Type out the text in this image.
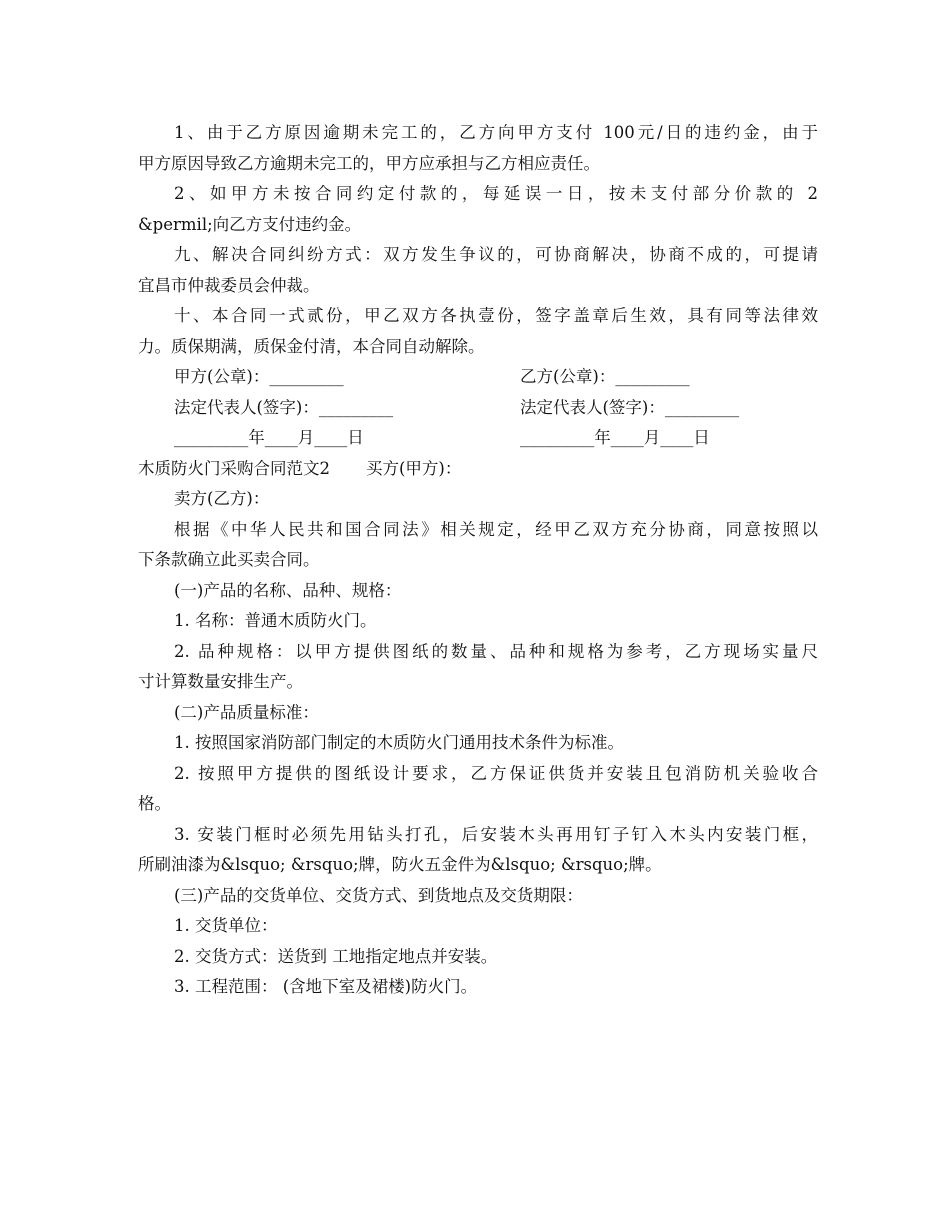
1、由于乙方原因逾期未完工的，乙方向甲方支付 100元/日的违约金，由于
甲方原因导致乙方逾期未完工的，甲方应承担与乙方相应责任。
2、如甲方未按合同约定付款的，每延误一日，按未支付部分价款的 2
&permil;向乙方支付违约金。
九、解决合同纠纷方式：双方发生争议的，可协商解决，协商不成的，可提请
宜昌市仲裁委员会仲裁。
十、本合同一式贰份，甲乙双方各执壹份，签字盖章后生效，具有同等法律效
力。质保期满，质保金付清，本合同自动解除。
甲方(公章)：_________	乙方(公章)：_________
法定代表人(签字)：_________	法定代表人(签字)：_________
_________年____月____日	_________年____月____日
木质防火门采购合同范文2 买方(甲方)：
卖方(乙方)：
根据《中华人民共和国合同法》相关规定，经甲乙双方充分协商，同意按照以
下条款确立此买卖合同。
(一)产品的名称、品种、规格：
1. 名称：普通木质防火门。
2. 品种规格：以甲方提供图纸的数量、品种和规格为参考，乙方现场实量尺
寸计算数量安排生产。
(二)产品质量标准：
1. 按照国家消防部门制定的木质防火门通用技术条件为标准。
2. 按照甲方提供的图纸设计要求，乙方保证供货并安装且包消防机关验收合
格。
3. 安装门框时必须先用钻头打孔，后安装木头再用钉子钉入木头内安装门框，
所刷油漆为&lsquo; &rsquo;牌，防火五金件为&lsquo; &rsquo;牌。
(三)产品的交货单位、交货方式、到货地点及交货期限：
1. 交货单位：
2. 交货方式：送货到 工地指定地点并安装。
3. 工程范围： (含地下室及裙楼)防火门。
